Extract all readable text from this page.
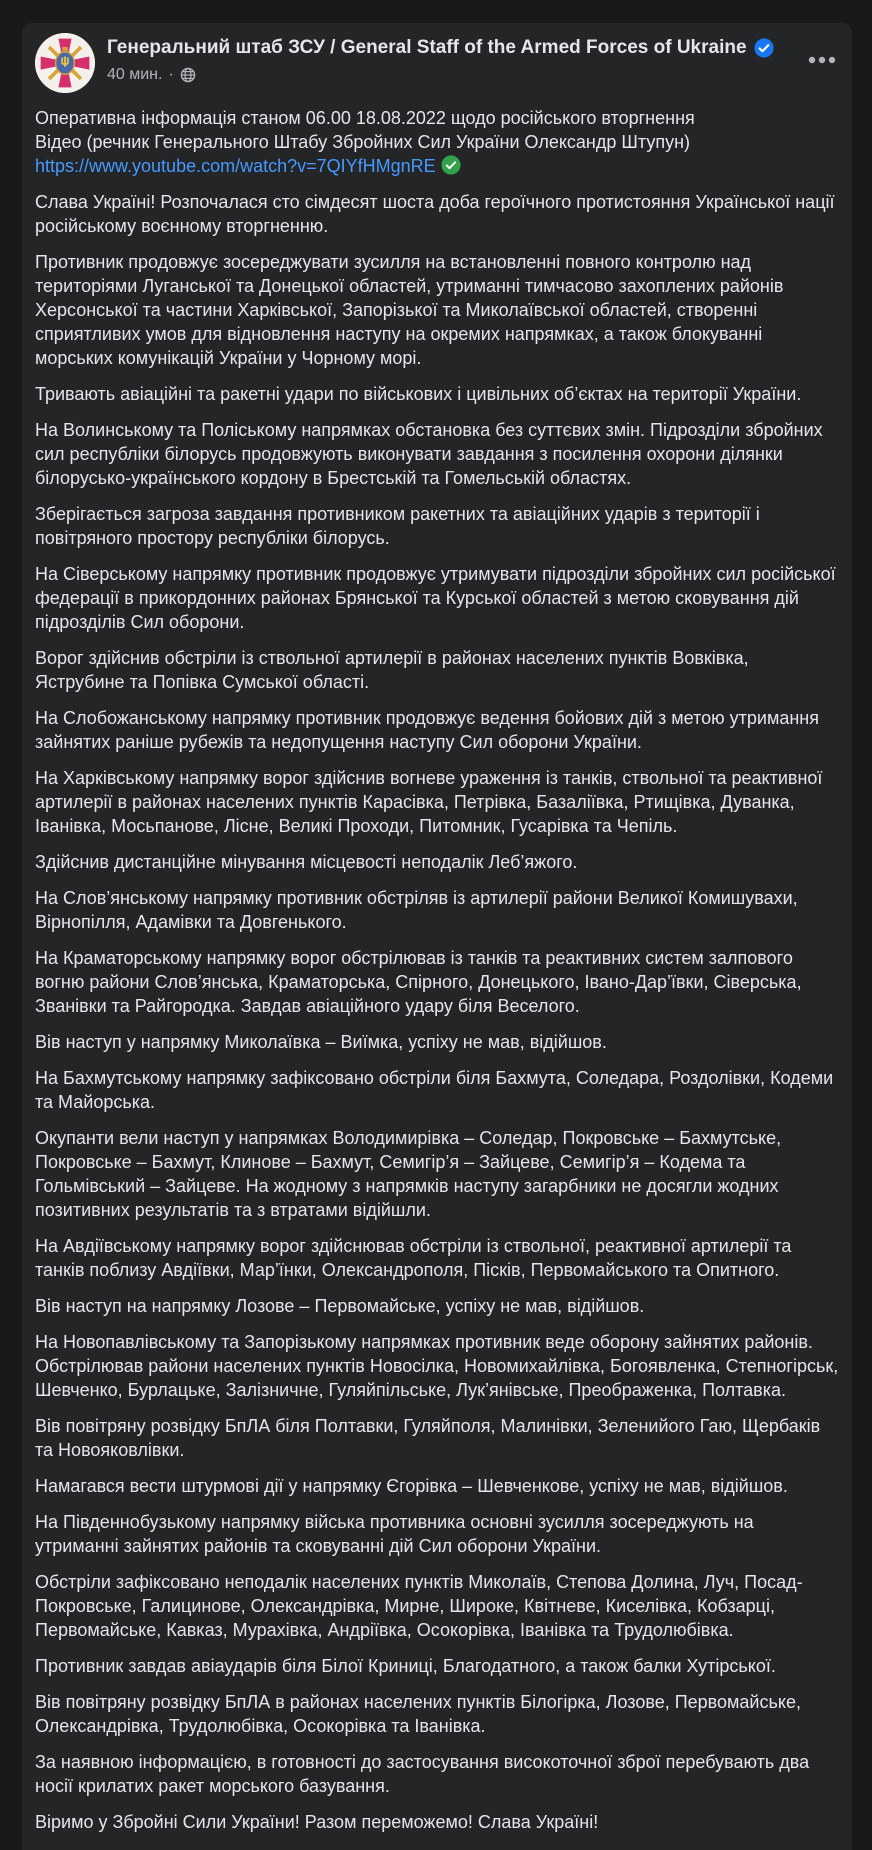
Генеральний штаб ЗСУ / General Staff of the Armed Forces of Ukraine
40 мин. ·

Оперативна інформація станом 06.00 18.08.2022 щодо російського вторгнення
Відео (речник Генерального Штабу Збройних Сил України Олександр Штупун)
https://www.youtube.com/watch?v=7QIYfHMgnRE

Слава Україні! Розпочалася сто сімдесят шоста доба героїчного протистояння Української нації російському воєнному вторгненню.

Противник продовжує зосереджувати зусилля на встановленні повного контролю над територіями Луганської та Донецької областей, утриманні тимчасово захоплених районів Херсонської та частини Харківської, Запорізької та Миколаївської областей, створенні сприятливих умов для відновлення наступу на окремих напрямках, а також блокуванні морських комунікацій України у Чорному морі.

Тривають авіаційні та ракетні удари по військових і цивільних об’єктах на території України.

На Волинському та Поліському напрямках обстановка без суттєвих змін. Підрозділи збройних сил республіки білорусь продовжують виконувати завдання з посилення охорони ділянки білорусько-українського кордону в Брестській та Гомельській областях.

Зберігається загроза завдання противником ракетних та авіаційних ударів з території і повітряного простору республіки білорусь.

На Сіверському напрямку противник продовжує утримувати підрозділи збройних сил російської федерації в прикордонних районах Брянської та Курської областей з метою сковування дій підрозділів Сил оборони.

Ворог здійснив обстріли із ствольної артилерії в районах населених пунктів Вовківка, Яструбине та Попівка Сумської області.

На Слобожанському напрямку противник продовжує ведення бойових дій з метою утримання зайнятих раніше рубежів та недопущення наступу Сил оборони України.

На Харківському напрямку ворог здійснив вогневе ураження із танків, ствольної та реактивної артилерії в районах населених пунктів Карасівка, Петрівка, Базаліївка, Ртищівка, Дуванка, Іванівка, Мосьпанове, Лісне, Великі Проходи, Питомник, Гусарівка та Чепіль.

Здійснив дистанційне мінування місцевості неподалік Леб’яжого.

На Слов’янському напрямку противник обстріляв із артилерії райони Великої Комишувахи, Вірнопілля, Адамівки та Довгенького.

На Краматорському напрямку ворог обстрілював із танків та реактивних систем залпового вогню райони Слов’янська, Краматорська, Спірного, Донецького, Івано-Дар’ївки, Сіверська, Званівки та Райгородка. Завдав авіаційного удару біля Веселого.

Вів наступ у напрямку Миколаївка – Виїмка, успіху не мав, відійшов.

На Бахмутському напрямку зафіксовано обстріли біля Бахмута, Соледара, Роздолівки, Кодеми та Майорська.

Окупанти вели наступ у напрямках Володимирівка – Соледар, Покровське – Бахмутське, Покровське – Бахмут, Клинове – Бахмут, Семигір’я – Зайцеве, Семигір’я – Кодема та Гольмівський – Зайцеве. На жодному з напрямків наступу загарбники не досягли жодних позитивних результатів та з втратами відійшли.

На Авдіївському напрямку ворог здійснював обстріли із ствольної, реактивної артилерії та танків поблизу Авдіївки, Мар’їнки, Олександрополя, Пісків, Первомайського та Опитного.

Вів наступ на напрямку Лозове – Первомайське, успіху не мав, відійшов.

На Новопавлівському та Запорізькому напрямках противник веде оборону зайнятих районів. Обстрілював райони населених пунктів Новосілка, Новомихайлівка, Богоявленка, Степногірськ, Шевченко, Бурлацьке, Залізничне, Гуляйпільське, Лук’янівське, Преображенка, Полтавка.

Вів повітряну розвідку БпЛА біля Полтавки, Гуляйполя, Малинівки, Зеленийого Гаю, Щербаків та Новояковлівки.

Намагався вести штурмові дії у напрямку Єгорівка – Шевченкове, успіху не мав, відійшов.

На Південнобузькому напрямку війська противника основні зусилля зосереджують на утриманні зайнятих районів та сковуванні дій Сил оборони України.

Обстріли зафіксовано неподалік населених пунктів Миколаїв, Степова Долина, Луч, Посад-Покровське, Галицинове, Олександрівка, Мирне, Широке, Квітневе, Киселівка, Кобзарці, Первомайське, Кавказ, Мурахівка, Андріївка, Осокорівка, Іванівка та Трудолюбівка.

Противник завдав авіаударів біля Білої Криниці, Благодатного, а також балки Хутірської.

Вів повітряну розвідку БпЛА в районах населених пунктів Білогірка, Лозове, Первомайське, Олександрівка, Трудолюбівка, Осокорівка та Іванівка.

За наявною інформацією, в готовності до застосування високоточної зброї перебувають два носії крилатих ракет морського базування.

Віримо у Збройні Сили України! Разом переможемо! Слава Україні!
